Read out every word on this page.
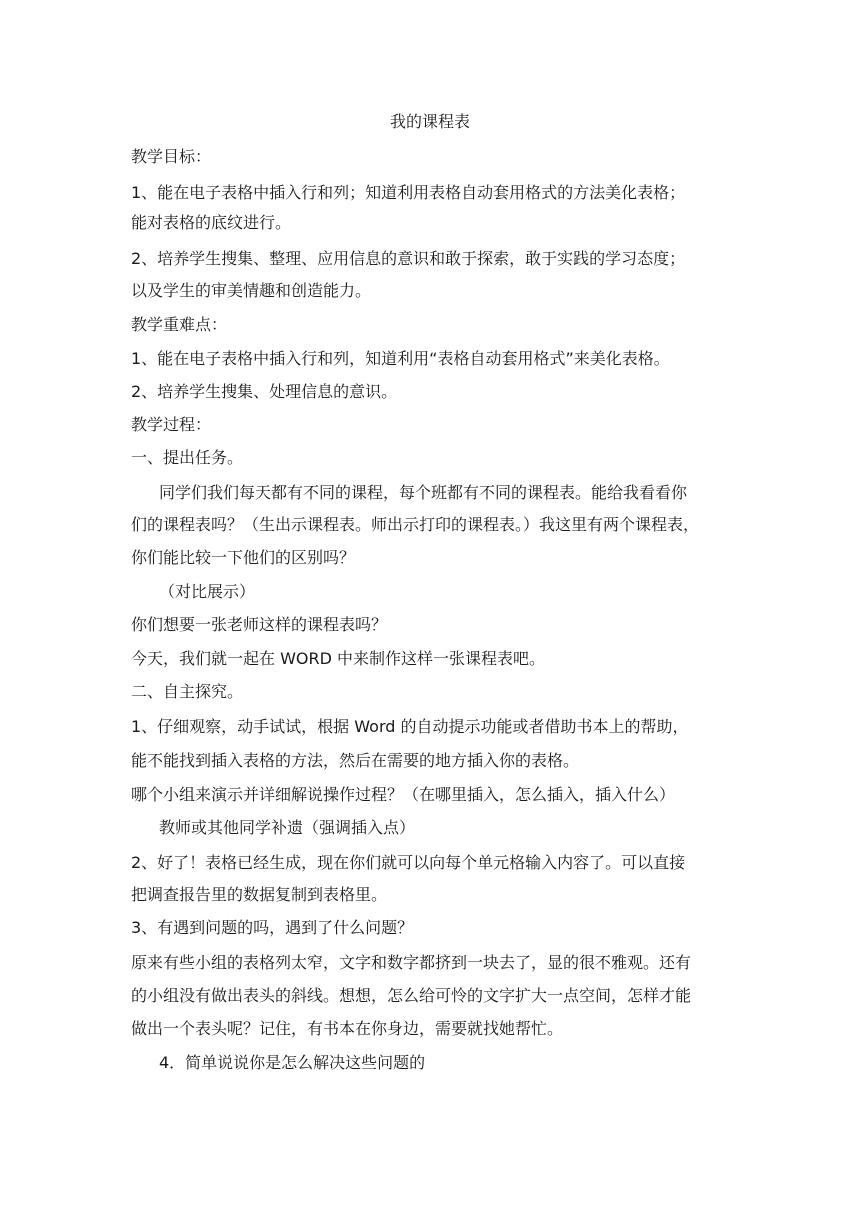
我的课程表
教学目标：
1、能在电子表格中插入行和列；知道利用表格自动套用格式的方法美化表格；
能对表格的底纹进行。
2、培养学生搜集、整理、应用信息的意识和敢于探索，敢于实践的学习态度；
以及学生的审美情趣和创造能力。
教学重难点：
1、能在电子表格中插入行和列，知道利用“表格自动套用格式”来美化表格。
2、培养学生搜集、处理信息的意识。
教学过程：
一、提出任务。
同学们我们每天都有不同的课程，每个班都有不同的课程表。能给我看看你
们的课程表吗？（生出示课程表。师出示打印的课程表。）我这里有两个课程表，
你们能比较一下他们的区别吗？
（对比展示）
你们想要一张老师这样的课程表吗？
今天，我们就一起在 WORD 中来制作这样一张课程表吧。
二、自主探究。
1、仔细观察，动手试试，根据 Word 的自动提示功能或者借助书本上的帮助，
能不能找到插入表格的方法，然后在需要的地方插入你的表格。
哪个小组来演示并详细解说操作过程？（在哪里插入，怎么插入，插入什么）
教师或其他同学补遗（强调插入点）
2、好了！表格已经生成，现在你们就可以向每个单元格输入内容了。可以直接
把调查报告里的数据复制到表格里。
3、有遇到问题的吗，遇到了什么问题？
原来有些小组的表格列太窄，文字和数字都挤到一块去了，显的很不雅观。还有
的小组没有做出表头的斜线。想想，怎么给可怜的文字扩大一点空间，怎样才能
做出一个表头呢？记住，有书本在你身边，需要就找她帮忙。
4．简单说说你是怎么解决这些问题的
